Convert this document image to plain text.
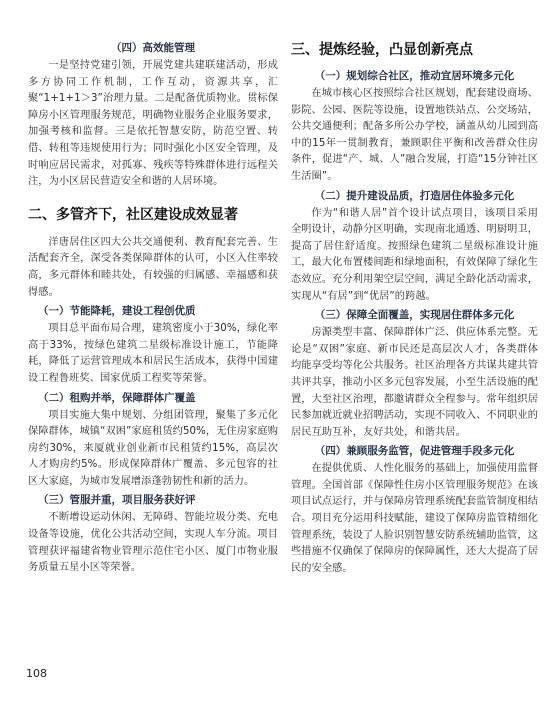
（四）高效能管理

一是坚持党建引领，开展党建共建联建活动，形成多方协同工作机制，工作互动，资源共享，汇聚“1+1+1＞3”治理力量。二是配备优质物业。贯标保障房小区管理服务规范，明确物业服务企业服务要求，加强考核和监督。三是依托智慧安防，防范空置、转借、转租等违规使用行为；同时强化小区安全管理，及时响应居民需求，对孤寡、残疾等特殊群体进行远程关注，为小区居民营造安全和谐的人居环境。

二、多管齐下，社区建设成效显著

洋唐居住区四大公共交通便利、教育配套完善、生活配套齐全，深受各类保障群体的认可，小区入住率较高，多元群体和睦共处，有较强的归属感、幸福感和获得感。

（一）节能降耗，建设工程创优质

项目总平面布局合理，建筑密度小于30%，绿化率高于33%，按绿色建筑二星级标准设计施工，节能降耗，降低了运营管理成本和居民生活成本，获得中国建设工程鲁班奖、国家优质工程奖等荣誉。

（二）租购并举，保障群体广覆盖

项目实施大集中规划、分组团管理，聚集了多元化保障群体，城镇“双困”家庭租赁约50%，无住房家庭购房约30%，来厦就业创业新市民租赁约15%，高层次人才购房约5%。形成保障群体广覆盖、多元包容的社区大家庭，为城市发展增添蓬勃韧性和新的活力。

（三）管服并重，项目服务获好评

不断增设运动休闲、无障碍、智能垃圾分类、充电设备等设施，优化公共活动空间，实现人车分流。项目管理获评福建省物业管理示范住宅小区、厦门市物业服务质量五星小区等荣誉。

三、提炼经验，凸显创新亮点

（一）规划综合社区，推动宜居环境多元化

在城市核心区按照综合社区规划，配套建设商场、影院、公园、医院等设施，设置地铁站点、公交场站，公共交通便利；配备多所公办学校，涵盖从幼儿园到高中的15年一贯制教育，兼顾职住平衡和改善群众住房条件，促进“产、城、人”融合发展，打造“15分钟社区生活圈”。

（二）提升建设品质，打造居住体验多元化

作为“和谐人居”首个设计试点项目，该项目采用全明设计，动静分区明确，实现南北通透、明厨明卫，提高了居住舒适度。按照绿色建筑二星级标准设计施工，最大化布置楼间距和绿地面积，有效保障了绿化生态效应。充分利用架空层空间，满足全龄化活动需求，实现从“有居”到“优居”的跨越。

（三）保障全面覆盖，实现居住群体多元化

房源类型丰富、保障群体广泛、供应体系完整。无论是“双困”家庭、新市民还是高层次人才，各类群体均能享受均等化公共服务。社区治理各方共谋共建共管共评共享，推动小区多元包容发展，小至生活设施的配置，大至社区治理，都邀请群众全程参与。常年组织居民参加就近就业招聘活动，实现不同收入、不同职业的居民互助互补，友好共处，和谐共居。

（四）兼顾服务监管，促进管理手段多元化

在提供优质、人性化服务的基础上，加强使用监督管理。全国首部《保障性住房小区管理服务规范》在该项目试点运行，并与保障房管理系统配套监管制度相结合。项目充分运用科技赋能，建设了保障房监管精细化管理系统，装设了人脸识别智慧安防系统辅助监管，这些措施不仅确保了保障房的保障属性，还大大提高了居民的安全感。

108
